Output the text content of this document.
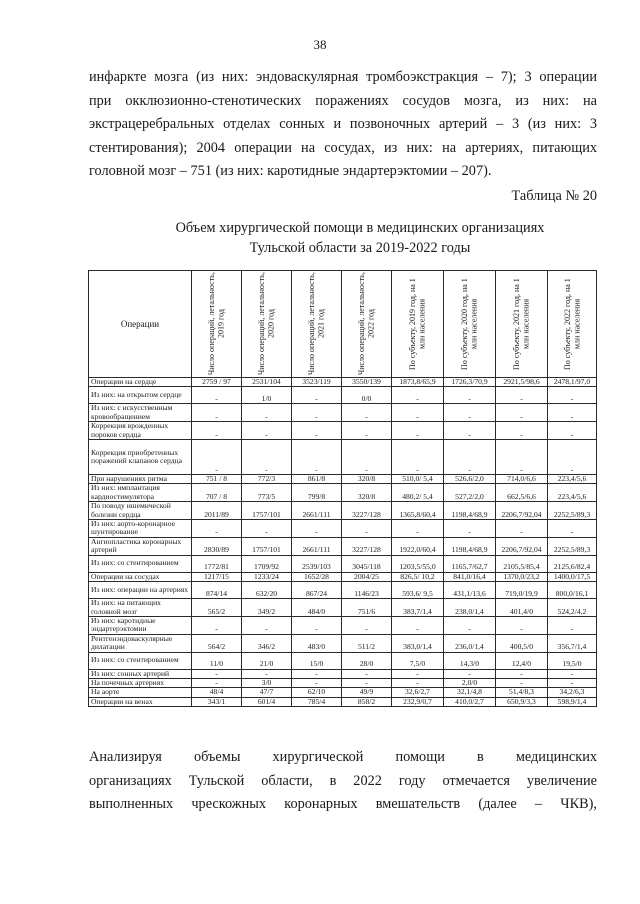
38
инфаркте мозга (из них: эндоваскулярная тромбоэкстракция – 7); 3 операции
при окклюзионно-стенотических поражениях сосудов мозга, из них: на
экстрацеребральных отделах сонных и позвоночных артерий – 3 (из них: 3
стентирования); 2004 операции на сосудах, из них: на артериях, питающих
головной мозг – 751 (из них: каротидные эндартерэктомии – 207).
Таблица № 20
Объем хирургической помощи в медицинских организациях
Тульской области за 2019-2022 годы
Операции	Число операций, летальность, 2019 год	Число операций, летальность, 2020 год	Число операций, летальность, 2021 год	Число операций, летальность, 2022 год	По субъекту, 2019 год, на 1 млн населения	По субъекту, 2020 год, на 1 млн населения	По субъекту, 2021 год, на 1 млн населения	По субъекту, 2022 год, на 1 млн населения

Операции на сердце	2759 / 97	2531/104	3523/119	3550/139	1873,8/65,9	1726,3/70,9	2921,5/98,6	2478,1/97,0
Из них: на открытом сердце	-	1/0	-	0/0	-	-	-	-
Из них: с искусственным кровообращением	-	-	-	-	-	-	-	-
Коррекция врожденных пороков сердца	-	-	-	-	-	-	-	-
Коррекция приобретенных поражений клапанов сердца	-	-	-	-	-	-	-	-
При нарушениях ритма	751 / 8	772/3	861/8	320/8	510,0/ 5,4	526,6/2,0	714,0/6,6	223,4/5,6
Из них: имплантация кардиостимулятора	707 / 8	773/5	799/8	320/8	480,2/ 5,4	527,2/2,0	662,5/6,6	223,4/5,6
По поводу ишемической болезни сердца	2011/89	1757/101	2661/111	3227/128	1365,8/60,4	1198,4/68,9	2206,7/92,04	2252,5/89,3
Из них: аорто-коронарное шунтирование	-	-	-	-	-	-	-	-
Ангиопластика коронарных артерий	2830/89	1757/101	2661/111	3227/128	1922,0/60,4	1198,4/68,9	2206,7/92,04	2252,5/89,3
Из них: со стентированием	1772/81	1709/92	2539/103	3045/118	1203,5/55,0	1165,7/62,7	2105,5/85,4	2125,6/82,4
Операции на сосудах	1217/15	1233/24	1652/28	2004/25	826,5/ 10,2	841,0/16,4	1370,0/23,2	1400,0/17,5
Из них: операции на артериях	874/14	632/20	867/24	1146/23	593,6/ 9,5	431,1/13,6	719,0/19,9	800,0/16,1
Из них: на питающих головной мозг	565/2	349/2	484/0	751/6	383,7/1,4	238,0/1,4	401,4/0	524,2/4,2
Из них: каротидные эндартерэктомии	-	-	-	-	-	-	-	-
Рентгенэндоваскулярные дилатации	564/2	346/2	483/0	511/2	383,0/1,4	236,0/1,4	400,5/0	356,7/1,4
Из них: со стентированием	11/0	21/0	15/0	28/0	7,5/0	14,3/0	12,4/0	19,5/0
Из них: сонных артерий	-	-	-	-	-	-	-	-
На почечных артериях	-	3/0	-	-	-	2,0/0	-	-
На аорте	48/4	47/7	62/10	49/9	32,6/2,7	32,1/4,8	51,4/8,3	34,2/6,3
Операции на венах	343/1	601/4	785/4	858/2	232,9/0,7	410,0/2,7	650,9/3,3	598,9/1,4
Анализируя объемы хирургической помощи в медицинских
организациях Тульской области, в 2022 году отмечается увеличение
выполненных чрескожных коронарных вмешательств (далее – ЧКВ),
